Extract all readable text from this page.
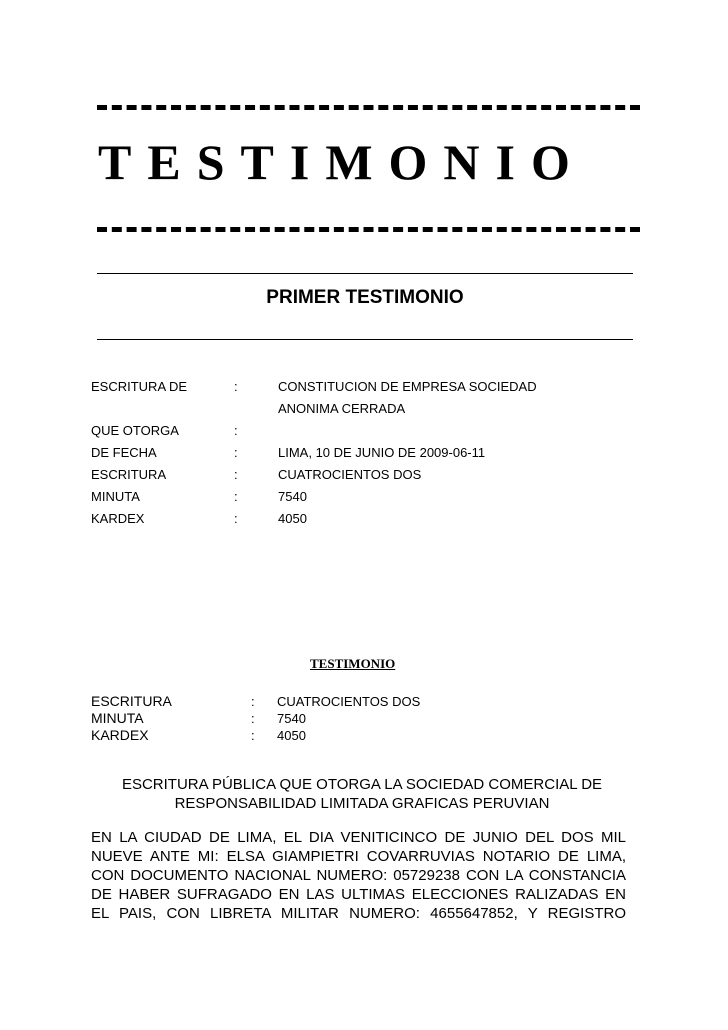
TESTIMONIO
PRIMER TESTIMONIO
ESCRITURA DE	:	CONSTITUCION DE EMPRESA SOCIEDAD
ANONIMA CERRADA
QUE OTORGA	:
DE FECHA	:	LIMA, 10 DE JUNIO DE 2009-06-11
ESCRITURA	:	CUATROCIENTOS DOS
MINUTA	:	7540
KARDEX	:	4050
TESTIMONIO
ESCRITURA	: CUATROCIENTOS DOS
MINUTA	: 7540
KARDEX	: 4050
ESCRITURA PÚBLICA QUE OTORGA LA SOCIEDAD COMERCIAL DE
RESPONSABILIDAD LIMITADA GRAFICAS PERUVIAN
EN LA CIUDAD DE LIMA, EL DIA VENITICINCO DE JUNIO DEL DOS MIL
NUEVE ANTE MI: ELSA GIAMPIETRI COVARRUVIAS NOTARIO DE LIMA,
CON DOCUMENTO NACIONAL NUMERO: 05729238 CON LA CONSTANCIA
DE HABER SUFRAGADO EN LAS ULTIMAS ELECCIONES RALIZADAS EN
EL PAIS, CON LIBRETA MILITAR NUMERO: 4655647852, Y REGISTRO
